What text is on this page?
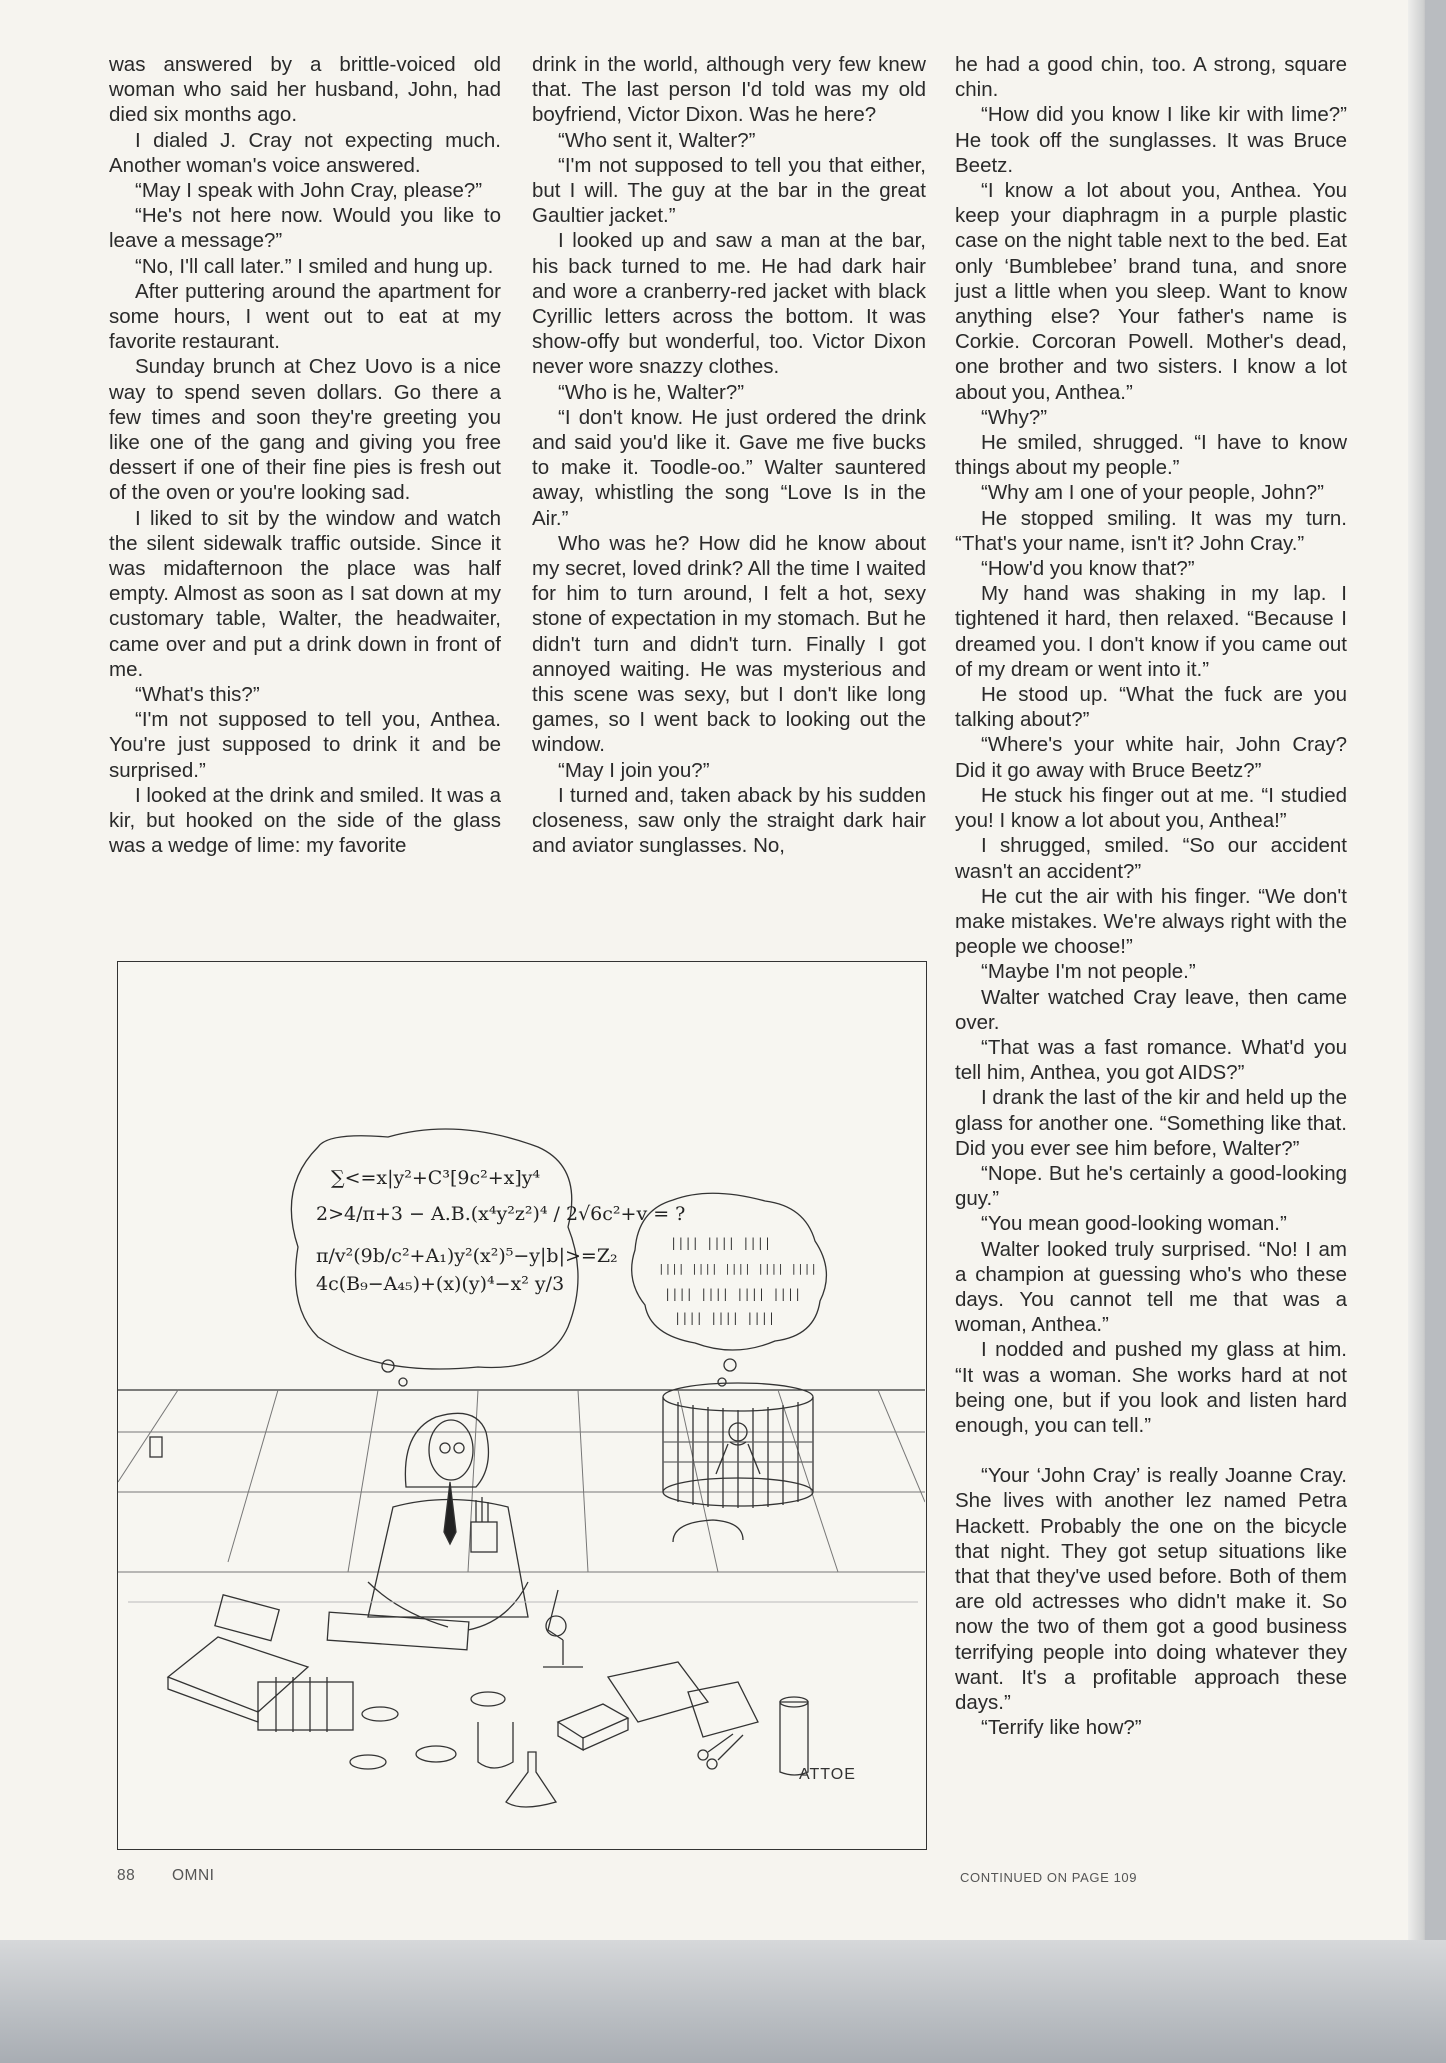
was answered by a brittle-voiced old woman who said her husband, John, had died six months ago.

I dialed J. Cray not expecting much. Another woman's voice answered.

“May I speak with John Cray, please?”

“He's not here now. Would you like to leave a message?”

“No, I'll call later.” I smiled and hung up.

After puttering around the apartment for some hours, I went out to eat at my favorite restaurant.

Sunday brunch at Chez Uovo is a nice way to spend seven dollars. Go there a few times and soon they're greeting you like one of the gang and giving you free dessert if one of their fine pies is fresh out of the oven or you're looking sad.

I liked to sit by the window and watch the silent sidewalk traffic outside. Since it was midafternoon the place was half empty. Almost as soon as I sat down at my customary table, Walter, the headwaiter, came over and put a drink down in front of me.

“What's this?”

“I'm not supposed to tell you, Anthea. You're just supposed to drink it and be surprised.”

I looked at the drink and smiled. It was a kir, but hooked on the side of the glass was a wedge of lime: my favorite

drink in the world, although very few knew that. The last person I'd told was my old boyfriend, Victor Dixon. Was he here?

“Who sent it, Walter?”

“I'm not supposed to tell you that either, but I will. The guy at the bar in the great Gaultier jacket.”

I looked up and saw a man at the bar, his back turned to me. He had dark hair and wore a cranberry-red jacket with black Cyrillic letters across the bottom. It was show-offy but wonderful, too. Victor Dixon never wore snazzy clothes.

“Who is he, Walter?”

“I don't know. He just ordered the drink and said you'd like it. Gave me five bucks to make it. Toodle-oo.” Walter sauntered away, whistling the song “Love Is in the Air.”

Who was he? How did he know about my secret, loved drink? All the time I waited for him to turn around, I felt a hot, sexy stone of expectation in my stomach. But he didn't turn and didn't turn. Finally I got annoyed waiting. He was mysterious and this scene was sexy, but I don't like long games, so I went back to looking out the window.

“May I join you?”

I turned and, taken aback by his sudden closeness, saw only the straight dark hair and aviator sunglasses. No,

he had a good chin, too. A strong, square chin.

“How did you know I like kir with lime?” He took off the sunglasses. It was Bruce Beetz.

“I know a lot about you, Anthea. You keep your diaphragm in a purple plastic case on the night table next to the bed. Eat only ‘Bumblebee’ brand tuna, and snore just a little when you sleep. Want to know anything else? Your father's name is Corkie. Corcoran Powell. Mother's dead, one brother and two sisters. I know a lot about you, Anthea.”

“Why?”

He smiled, shrugged. “I have to know things about my people.”

“Why am I one of your people, John?”

He stopped smiling. It was my turn. “That's your name, isn't it? John Cray.”

“How'd you know that?”

My hand was shaking in my lap. I tightened it hard, then relaxed. “Because I dreamed you. I don't know if you came out of my dream or went into it.”

He stood up. “What the fuck are you talking about?”

“Where's your white hair, John Cray? Did it go away with Bruce Beetz?”

He stuck his finger out at me. “I studied you! I know a lot about you, Anthea!”

I shrugged, smiled. “So our accident wasn't an accident?”

He cut the air with his finger. “We don't make mistakes. We're always right with the people we choose!”

“Maybe I'm not people.”

Walter watched Cray leave, then came over.

“That was a fast romance. What'd you tell him, Anthea, you got AIDS?”

I drank the last of the kir and held up the glass for another one. “Something like that. Did you ever see him before, Walter?”

“Nope. But he's certainly a good-looking guy.”

“You mean good-looking woman.”

Walter looked truly surprised. “No! I am a champion at guessing who's who these days. You cannot tell me that was a woman, Anthea.”

I nodded and pushed my glass at him. “It was a woman. She works hard at not being one, but if you look and listen hard enough, you can tell.”

“Your ‘John Cray’ is really Joanne Cray. She lives with another lez named Petra Hackett. Probably the one on the bicycle that night. They got setup situations like that that they've used before. Both of them are old actresses who didn't make it. So now the two of them got a good business terrifying people into doing whatever they want. It's a profitable approach these days.”

“Terrify like how?”

∑<=x|y²+C³[9c²+x]y⁴
2>4/π+3 − A.B.(x⁴y²z²)⁴ / 2√6c²+v = ?
π/v²(9b/c²+A₁)y²(x²)⁵−y|b|>=Z₂
4c(B₉−A₄₅)+(x)(y)⁴−x² y/3
|||| |||| ||||
|||| |||| |||| |||| ||||
|||| |||| |||| ||||
|||| |||| ||||
ATTOE
88 OMNI	CONTINUED ON PAGE 109
